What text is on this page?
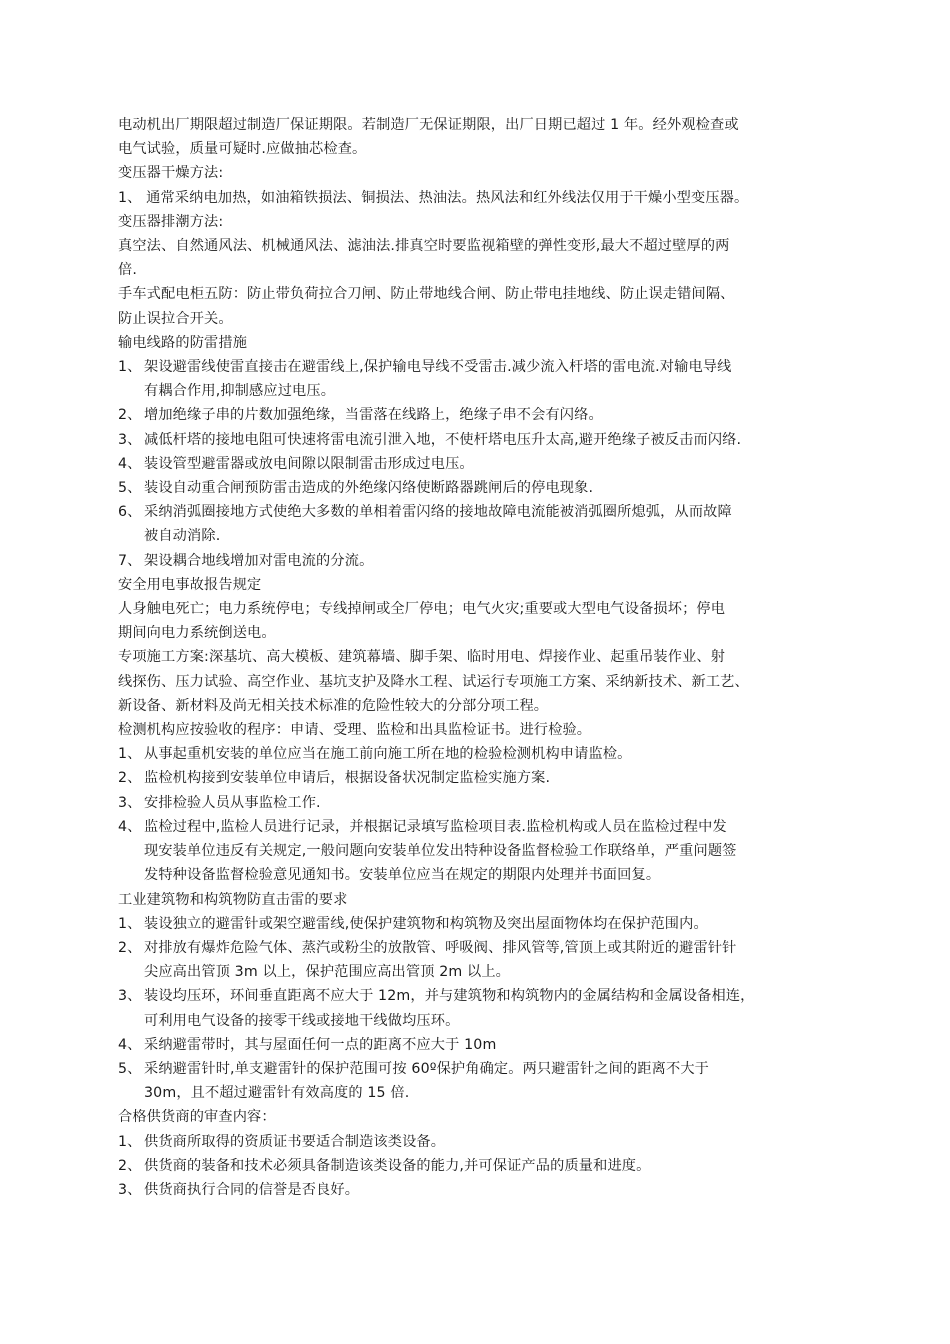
电动机出厂期限超过制造厂保证期限。若制造厂无保证期限，出厂日期已超过 1 年。经外观检查或
电气试验，质量可疑时.应做抽芯检查。
变压器干燥方法:
1、 通常采纳电加热，如油箱铁损法、铜损法、热油法。热风法和红外线法仅用于干燥小型变压器。
变压器排潮方法:
真空法、自然通风法、机械通风法、滤油法.排真空时要监视箱壁的弹性变形,最大不超过壁厚的两
倍.
手车式配电柜五防：防止带负荷拉合刀闸、防止带地线合闸、防止带电挂地线、防止误走错间隔、
防止误拉合开关。
输电线路的防雷措施
1、 架设避雷线使雷直接击在避雷线上,保护输电导线不受雷击.减少流入杆塔的雷电流.对输电导线
有耦合作用,抑制感应过电压。
2、 增加绝缘子串的片数加强绝缘，当雷落在线路上，绝缘子串不会有闪络。
3、 减低杆塔的接地电阻可快速将雷电流引泄入地，不使杆塔电压升太高,避开绝缘子被反击而闪络.
4、 装设管型避雷器或放电间隙以限制雷击形成过电压。
5、 装设自动重合闸预防雷击造成的外绝缘闪络使断路器跳闸后的停电现象.
6、 采纳消弧圈接地方式使绝大多数的单相着雷闪络的接地故障电流能被消弧圈所熄弧，从而故障
被自动消除.
7、 架设耦合地线增加对雷电流的分流。
安全用电事故报告规定
人身触电死亡；电力系统停电；专线掉闸或全厂停电；电气火灾;重要或大型电气设备损坏；停电
期间向电力系统倒送电。
专项施工方案:深基坑、高大模板、建筑幕墙、脚手架、临时用电、焊接作业、起重吊装作业、射
线探伤、压力试验、高空作业、基坑支护及降水工程、试运行专项施工方案、采纳新技术、新工艺、
新设备、新材料及尚无相关技术标准的危险性较大的分部分项工程。
检测机构应按验收的程序：申请、受理、监检和出具监检证书。进行检验。
1、 从事起重机安装的单位应当在施工前向施工所在地的检验检测机构申请监检。
2、 监检机构接到安装单位申请后，根据设备状况制定监检实施方案.
3、 安排检验人员从事监检工作.
4、 监检过程中,监检人员进行记录，并根据记录填写监检项目表.监检机构或人员在监检过程中发
现安装单位违反有关规定,一般问题向安装单位发出特种设备监督检验工作联络单，严重问题签
发特种设备监督检验意见通知书。安装单位应当在规定的期限内处理并书面回复。
工业建筑物和构筑物防直击雷的要求
1、 装设独立的避雷针或架空避雷线,使保护建筑物和构筑物及突出屋面物体均在保护范围内。
2、 对排放有爆炸危险气体、蒸汽或粉尘的放散管、呼吸阀、排风管等,管顶上或其附近的避雷针针
尖应高出管顶 3m 以上，保护范围应高出管顶 2m 以上。
3、 装设均压环，环间垂直距离不应大于 12m，并与建筑物和构筑物内的金属结构和金属设备相连，
可利用电气设备的接零干线或接地干线做均压环。
4、 采纳避雷带时，其与屋面任何一点的距离不应大于 10m
5、 采纳避雷针时,单支避雷针的保护范围可按 60º保护角确定。两只避雷针之间的距离不大于
30m，且不超过避雷针有效高度的 15 倍.
合格供货商的审查内容：
1、 供货商所取得的资质证书要适合制造该类设备。
2、 供货商的装备和技术必须具备制造该类设备的能力,并可保证产品的质量和进度。
3、 供货商执行合同的信誉是否良好。
